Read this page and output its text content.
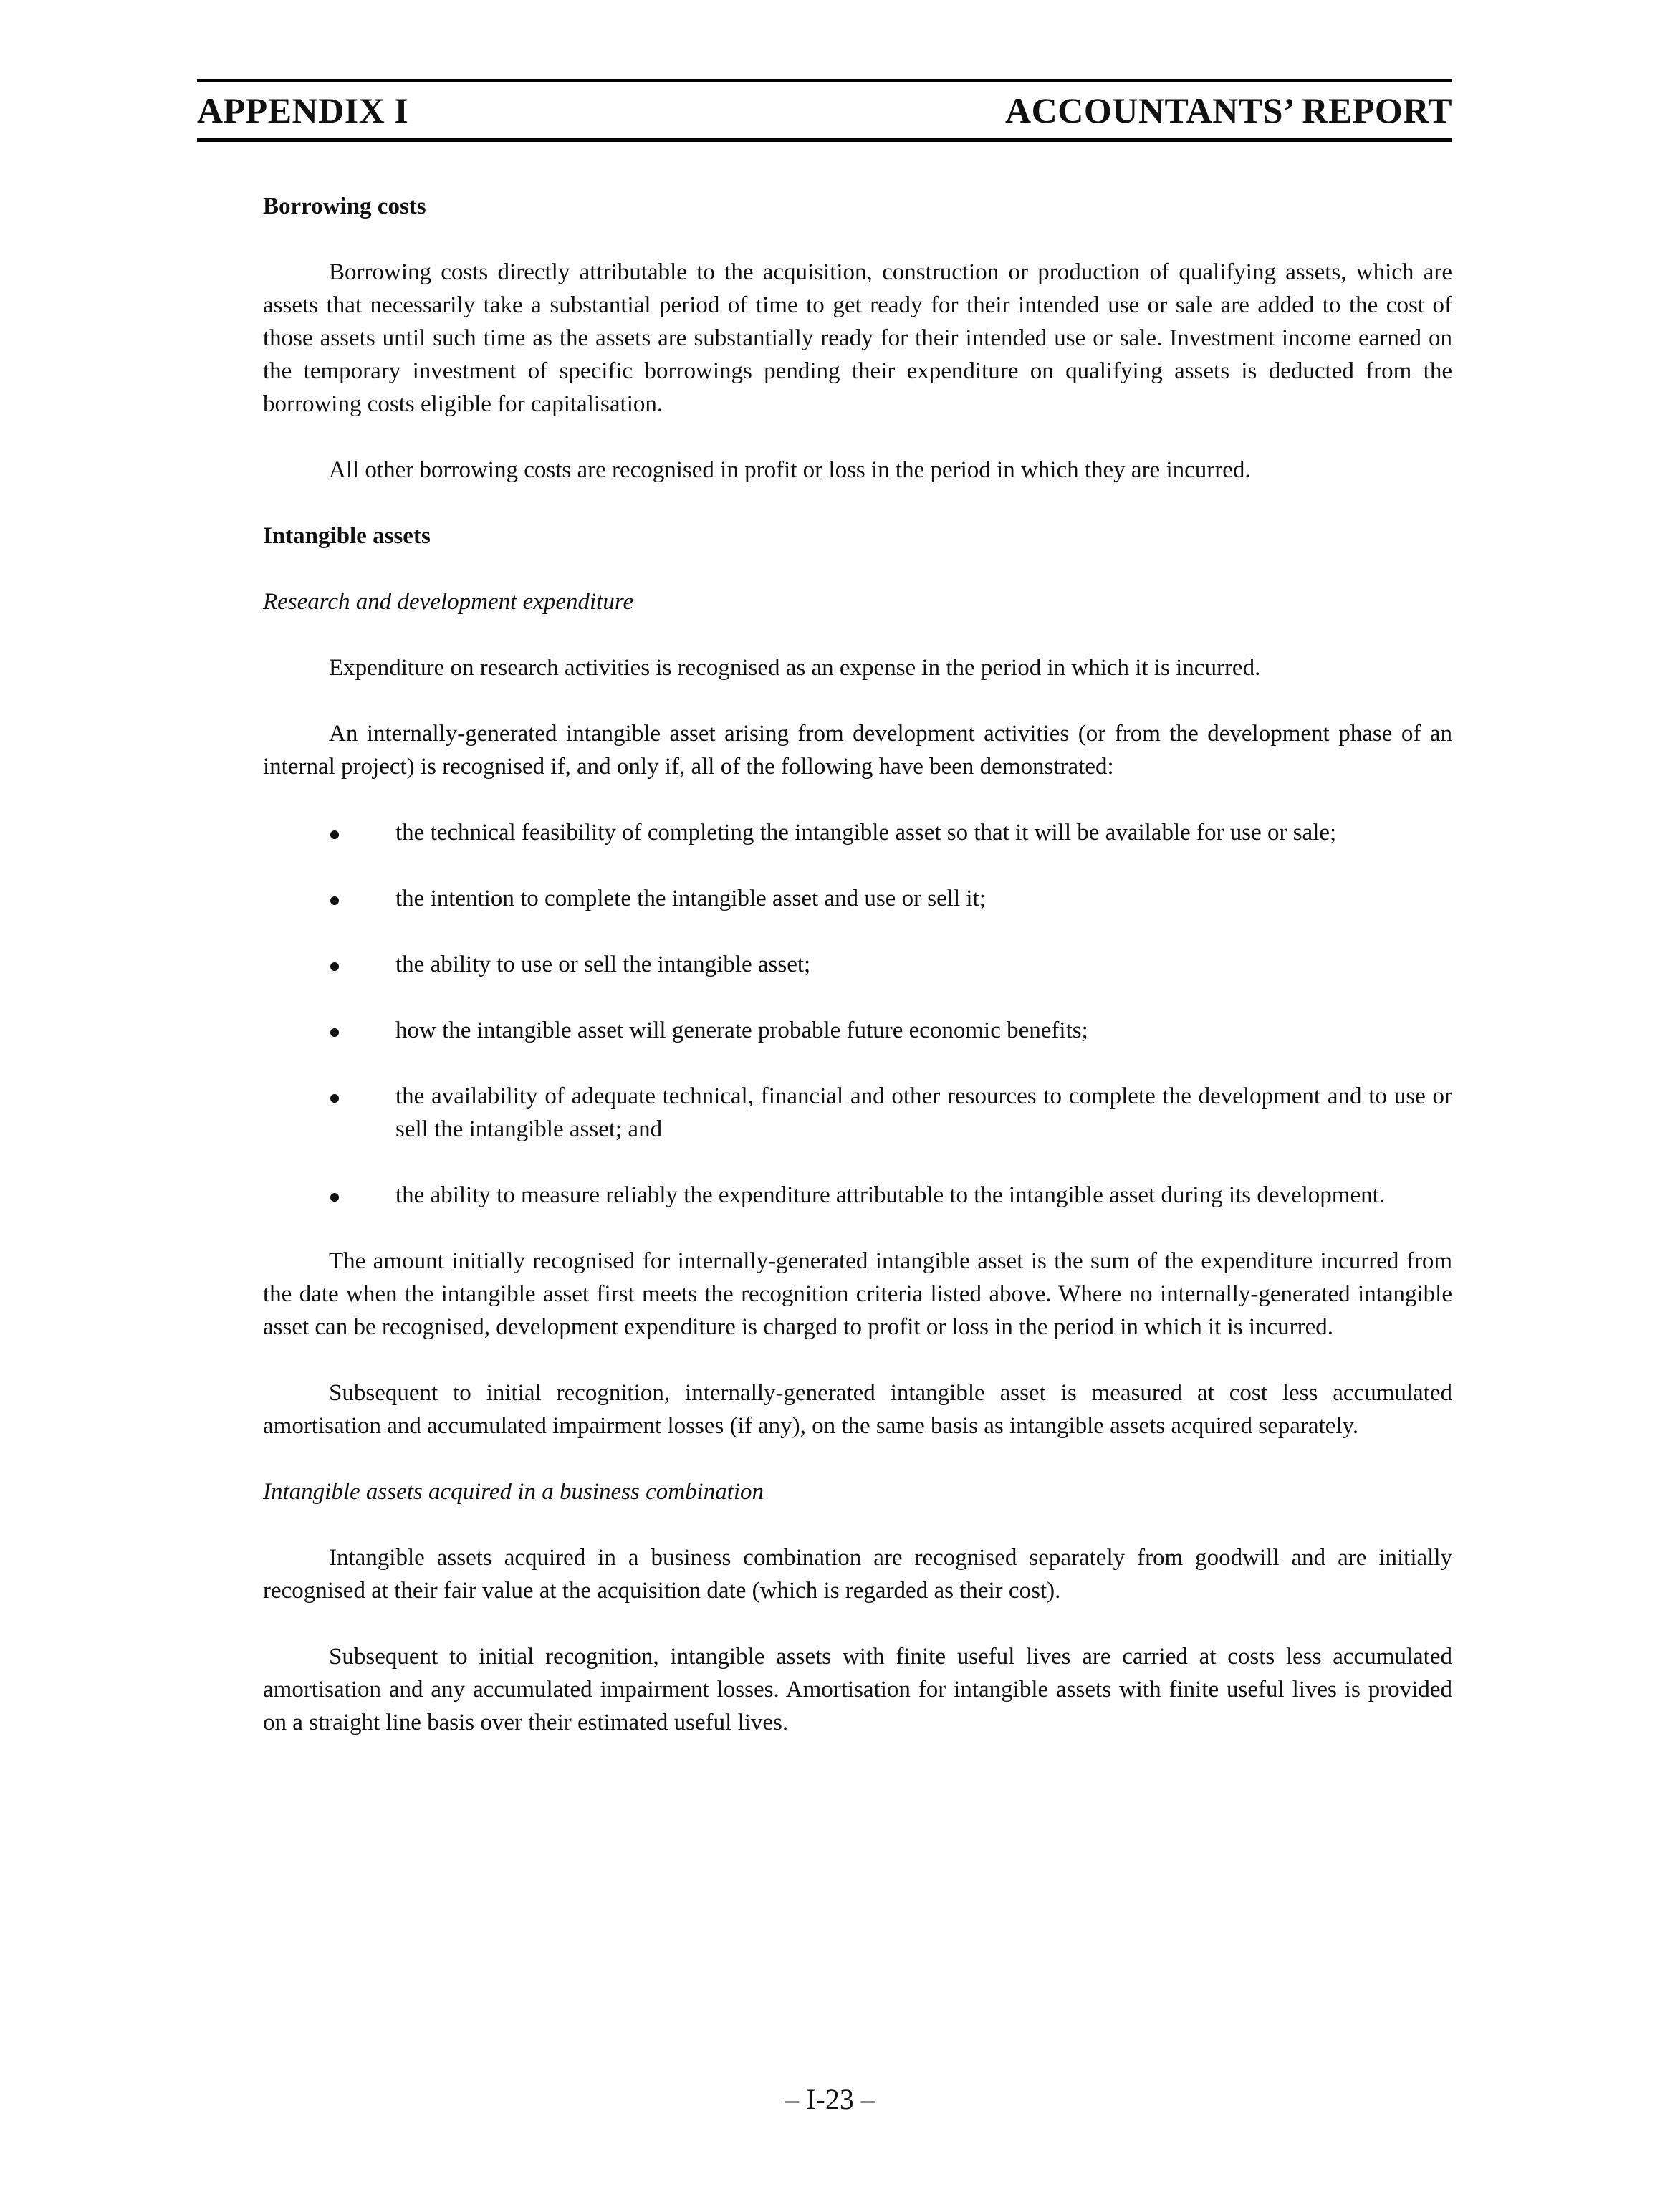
APPENDIX I	ACCOUNTANTS’ REPORT
Borrowing costs

Borrowing costs directly attributable to the acquisition, construction or production of qualifying assets, which are assets that necessarily take a substantial period of time to get ready for their intended use or sale are added to the cost of those assets until such time as the assets are substantially ready for their intended use or sale. Investment income earned on the temporary investment of specific borrowings pending their expenditure on qualifying assets is deducted from the borrowing costs eligible for capitalisation.

All other borrowing costs are recognised in profit or loss in the period in which they are incurred.

Intangible assets
Research and development expenditure

Expenditure on research activities is recognised as an expense in the period in which it is incurred.

An internally-generated intangible asset arising from development activities (or from the development phase of an internal project) is recognised if, and only if, all of the following have been demonstrated:

the technical feasibility of completing the intangible asset so that it will be available for use or sale;
the intention to complete the intangible asset and use or sell it;
the ability to use or sell the intangible asset;
how the intangible asset will generate probable future economic benefits;
the availability of adequate technical, financial and other resources to complete the development and to use or sell the intangible asset; and
the ability to measure reliably the expenditure attributable to the intangible asset during its development.

The amount initially recognised for internally-generated intangible asset is the sum of the expenditure incurred from the date when the intangible asset first meets the recognition criteria listed above. Where no internally-generated intangible asset can be recognised, development expenditure is charged to profit or loss in the period in which it is incurred.

Subsequent to initial recognition, internally-generated intangible asset is measured at cost less accumulated amortisation and accumulated impairment losses (if any), on the same basis as intangible assets acquired separately.

Intangible assets acquired in a business combination

Intangible assets acquired in a business combination are recognised separately from goodwill and are initially recognised at their fair value at the acquisition date (which is regarded as their cost).

Subsequent to initial recognition, intangible assets with finite useful lives are carried at costs less accumulated amortisation and any accumulated impairment losses. Amortisation for intangible assets with finite useful lives is provided on a straight line basis over their estimated useful lives.

– I-23 –
